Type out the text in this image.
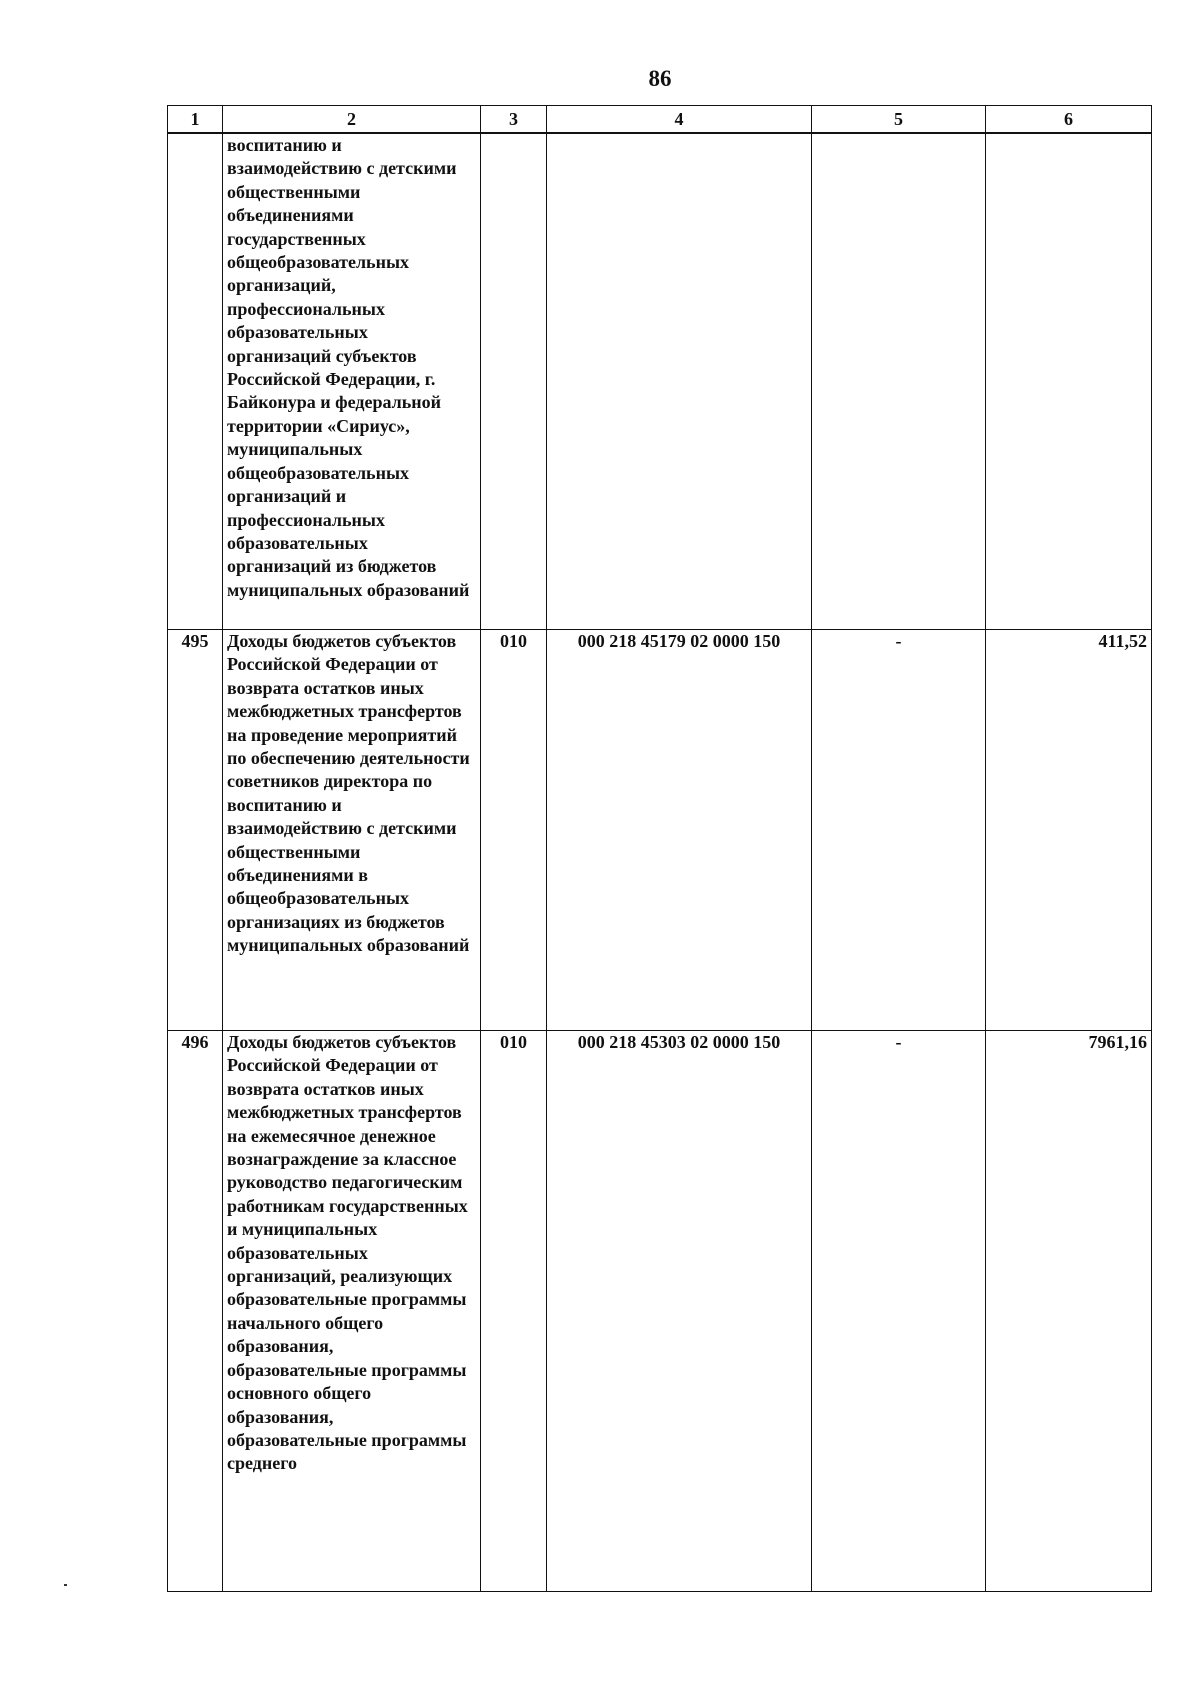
86
1	2	3	4	5	6
	воспитанию и взаимодействию с детскими общественными объединениями государственных общеобразовательных организаций, профессиональных образовательных организаций субъектов Российской Федерации, г. Байконура и федеральной территории «Сириус», муниципальных общеобразовательных организаций и профессиональных образовательных организаций из бюджетов муниципальных образований				
495	Доходы бюджетов субъектов Российской Федерации от возврата остатков иных межбюджетных трансфертов на проведение мероприятий по обеспечению деятельности советников директора по воспитанию и взаимодействию с детскими общественными объединениями в общеобразовательных организациях из бюджетов муниципальных образований	010	000 218 45179 02 0000 150	-	411,52
496	Доходы бюджетов субъектов Российской Федерации от возврата остатков иных межбюджетных трансфертов на ежемесячное денежное вознаграждение за классное руководство педагогическим работникам государственных и муниципальных образовательных организаций, реализующих образовательные программы начального общего образования, образовательные программы основного общего образования, образовательные программы среднего	010	000 218 45303 02 0000 150	-	7961,16
